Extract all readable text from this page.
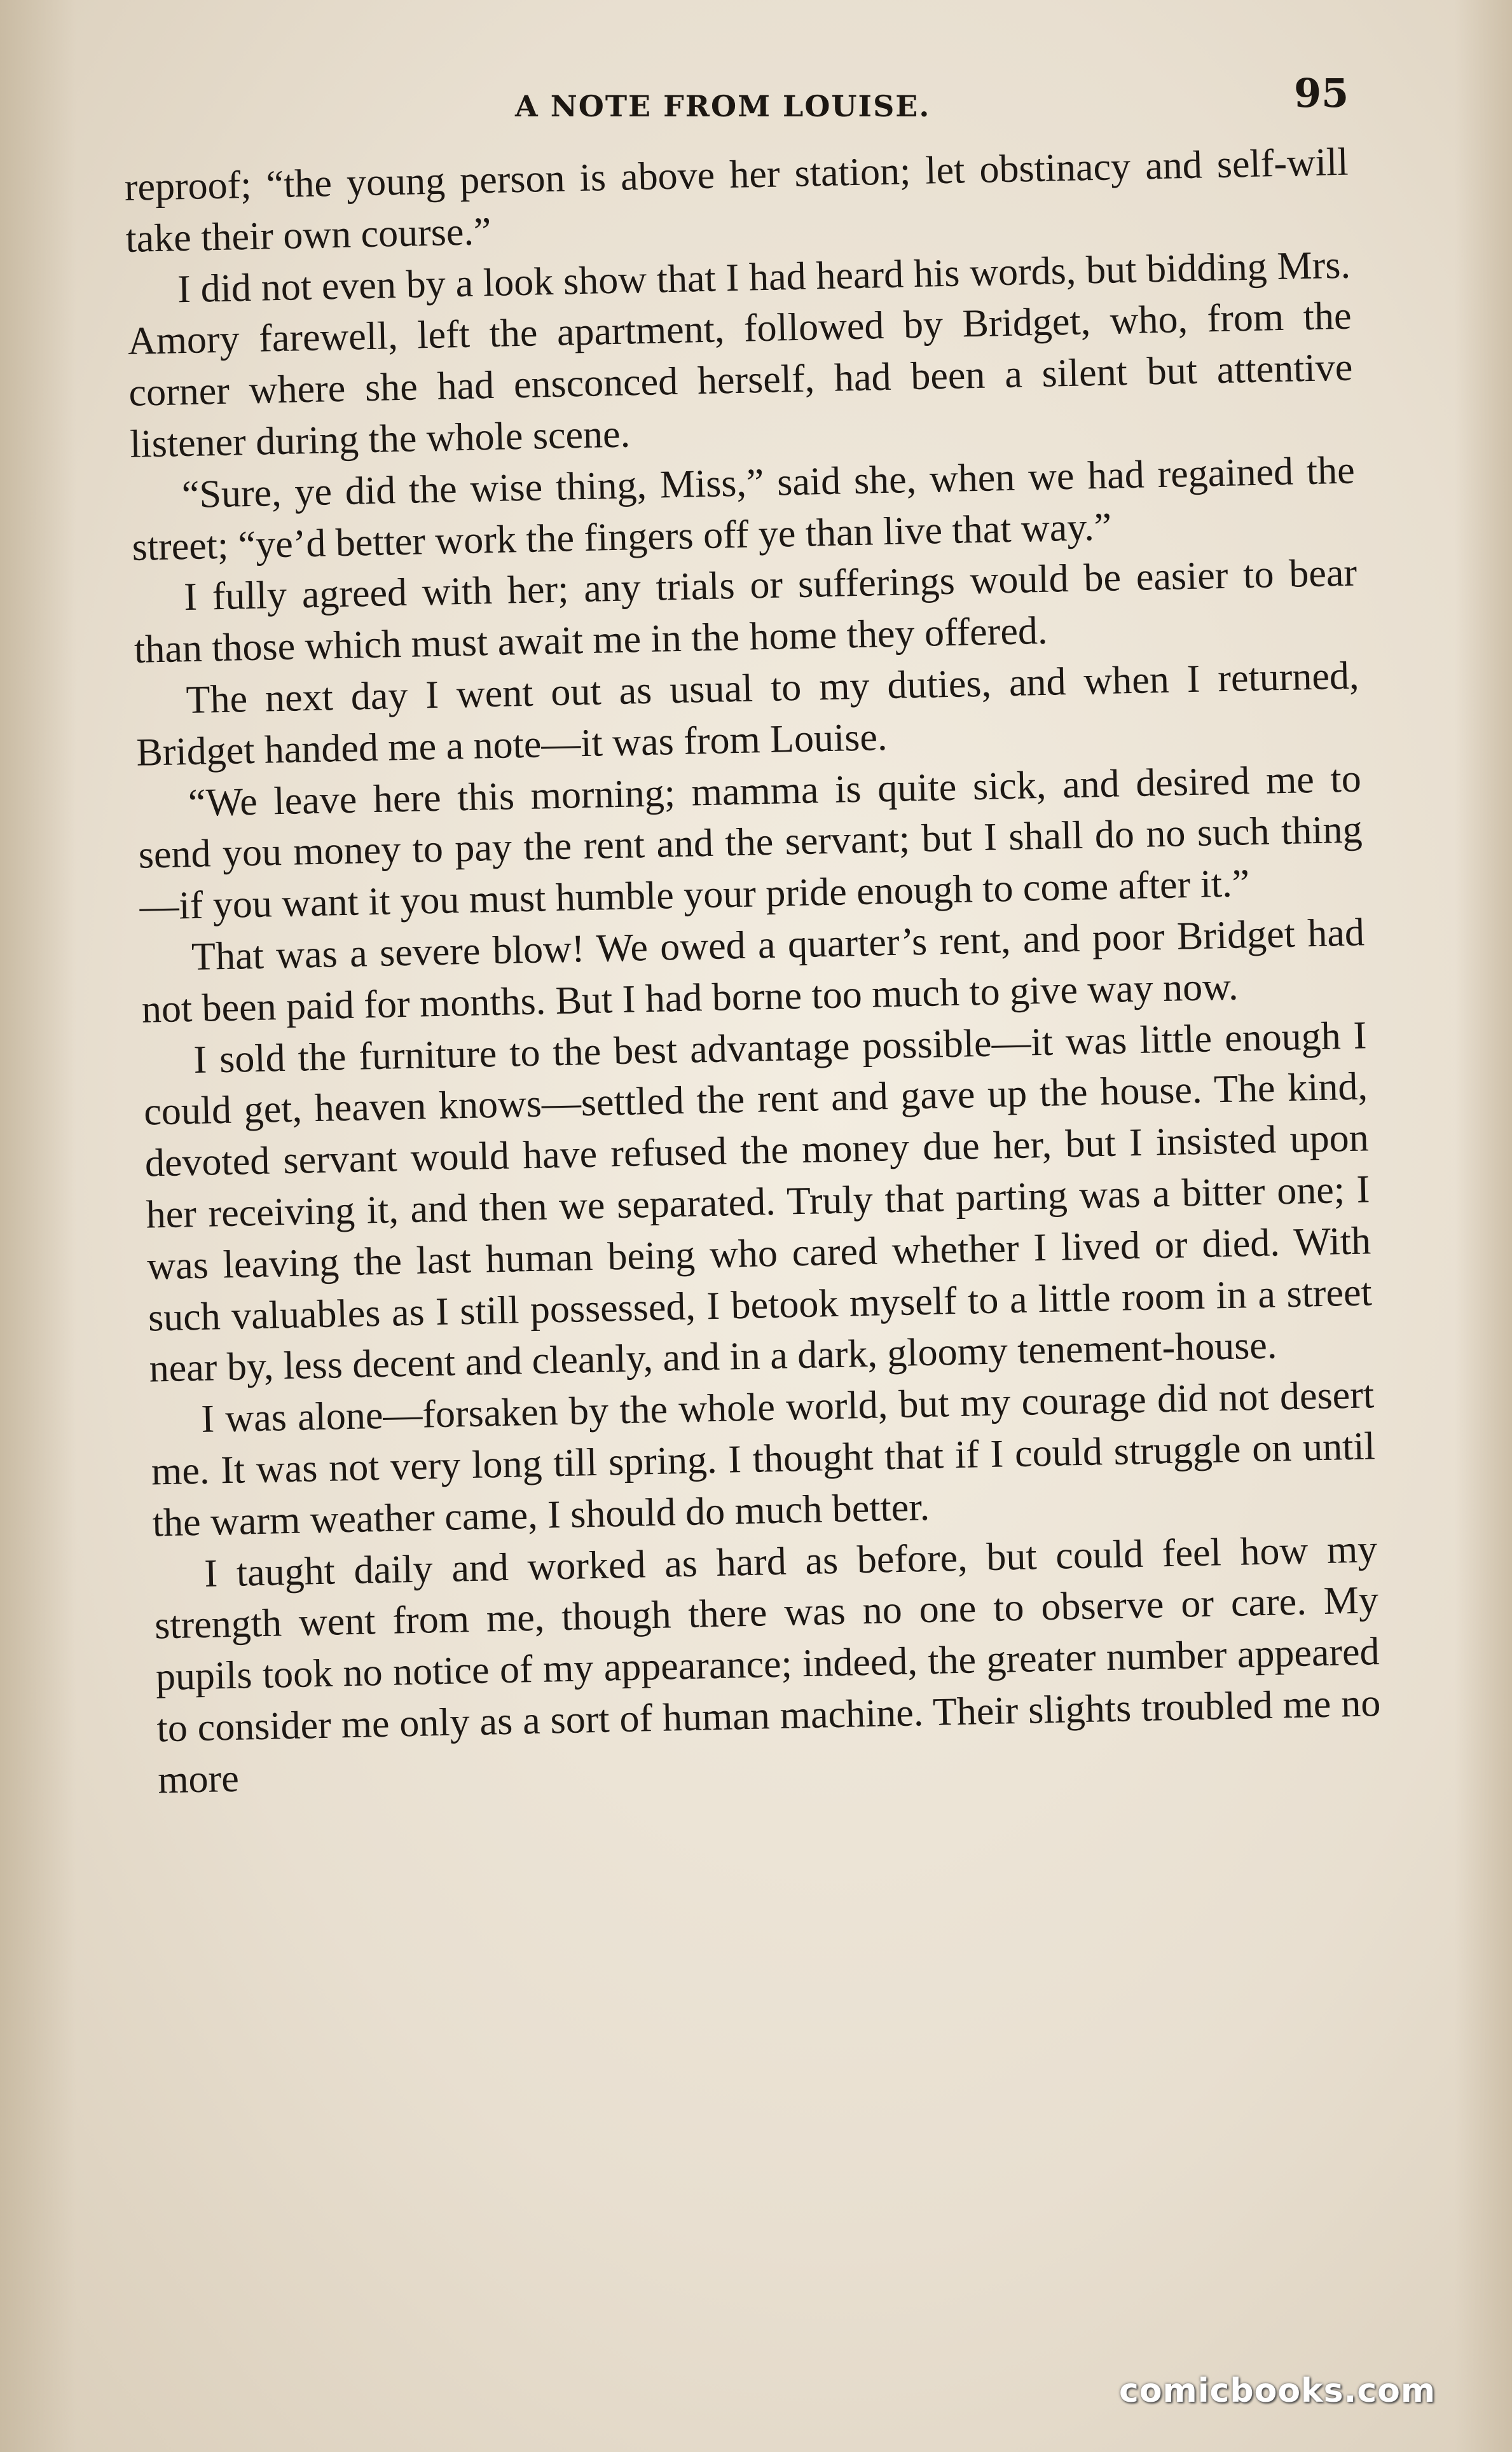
A NOTE FROM LOUISE.	95

reproof; “the young person is above her station; let obstinacy and self-will take their own course.”

I did not even by a look show that I had heard his words, but bidding Mrs. Amory farewell, left the apartment, followed by Bridget, who, from the corner where she had ensconced herself, had been a silent but attentive listener during the whole scene.

“Sure, ye did the wise thing, Miss,” said she, when we had regained the street; “ye’d better work the fingers off ye than live that way.”

I fully agreed with her; any trials or sufferings would be easier to bear than those which must await me in the home they offered.

The next day I went out as usual to my duties, and when I returned, Bridget handed me a note—it was from Louise.

“We leave here this morning; mamma is quite sick, and desired me to send you money to pay the rent and the servant; but I shall do no such thing—if you want it you must humble your pride enough to come after it.”

That was a severe blow! We owed a quarter’s rent, and poor Bridget had not been paid for months. But I had borne too much to give way now.

I sold the furniture to the best advantage possible—it was little enough I could get, heaven knows—settled the rent and gave up the house. The kind, devoted servant would have refused the money due her, but I insisted upon her receiving it, and then we separated. Truly that parting was a bitter one; I was leaving the last human being who cared whether I lived or died. With such valuables as I still possessed, I betook myself to a little room in a street near by, less decent and cleanly, and in a dark, gloomy tenement-house.

I was alone—forsaken by the whole world, but my courage did not desert me. It was not very long till spring. I thought that if I could struggle on until the warm weather came, I should do much better.

I taught daily and worked as hard as before, but could feel how my strength went from me, though there was no one to observe or care. My pupils took no notice of my appearance; indeed, the greater number appeared to consider me only as a sort of human machine. Their slights troubled me no more

comicbooks.com
